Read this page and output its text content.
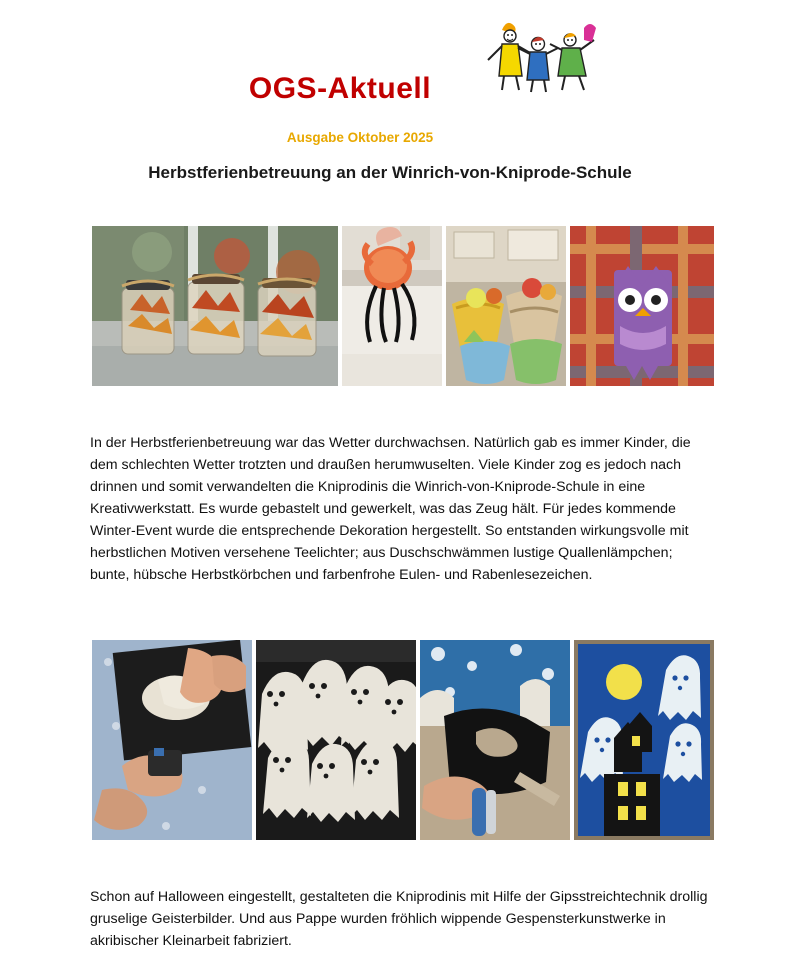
OGS-Aktuell
Ausgabe Oktober 2025
Herbstferienbetreuung an der Winrich-von-Kniprode-Schule
In der Herbstferienbetreuung war das Wetter durchwachsen. Natürlich gab es immer Kinder, die dem schlechten Wetter trotzten und draußen herumwuselten. Viele Kinder zog es jedoch nach drinnen und somit verwandelten die Kniprodinis die Winrich-von-Kniprode-Schule in eine Kreativwerkstatt. Es wurde gebastelt und gewerkelt, was das Zeug hält. Für jedes kommende Winter-Event wurde die entsprechende Dekoration hergestellt. So entstanden wirkungsvolle mit herbstlichen Motiven versehene Teelichter; aus Duschschwämmen lustige Quallenlämpchen; bunte, hübsche Herbstkörbchen und farbenfrohe Eulen- und Rabenlesezeichen.
Schon auf Halloween eingestellt, gestalteten die Kniprodinis mit Hilfe der Gipsstreichtechnik drollig gruselige Geisterbilder. Und aus Pappe wurden fröhlich wippende Gespensterkunstwerke in akribischer Kleinarbeit fabriziert.
